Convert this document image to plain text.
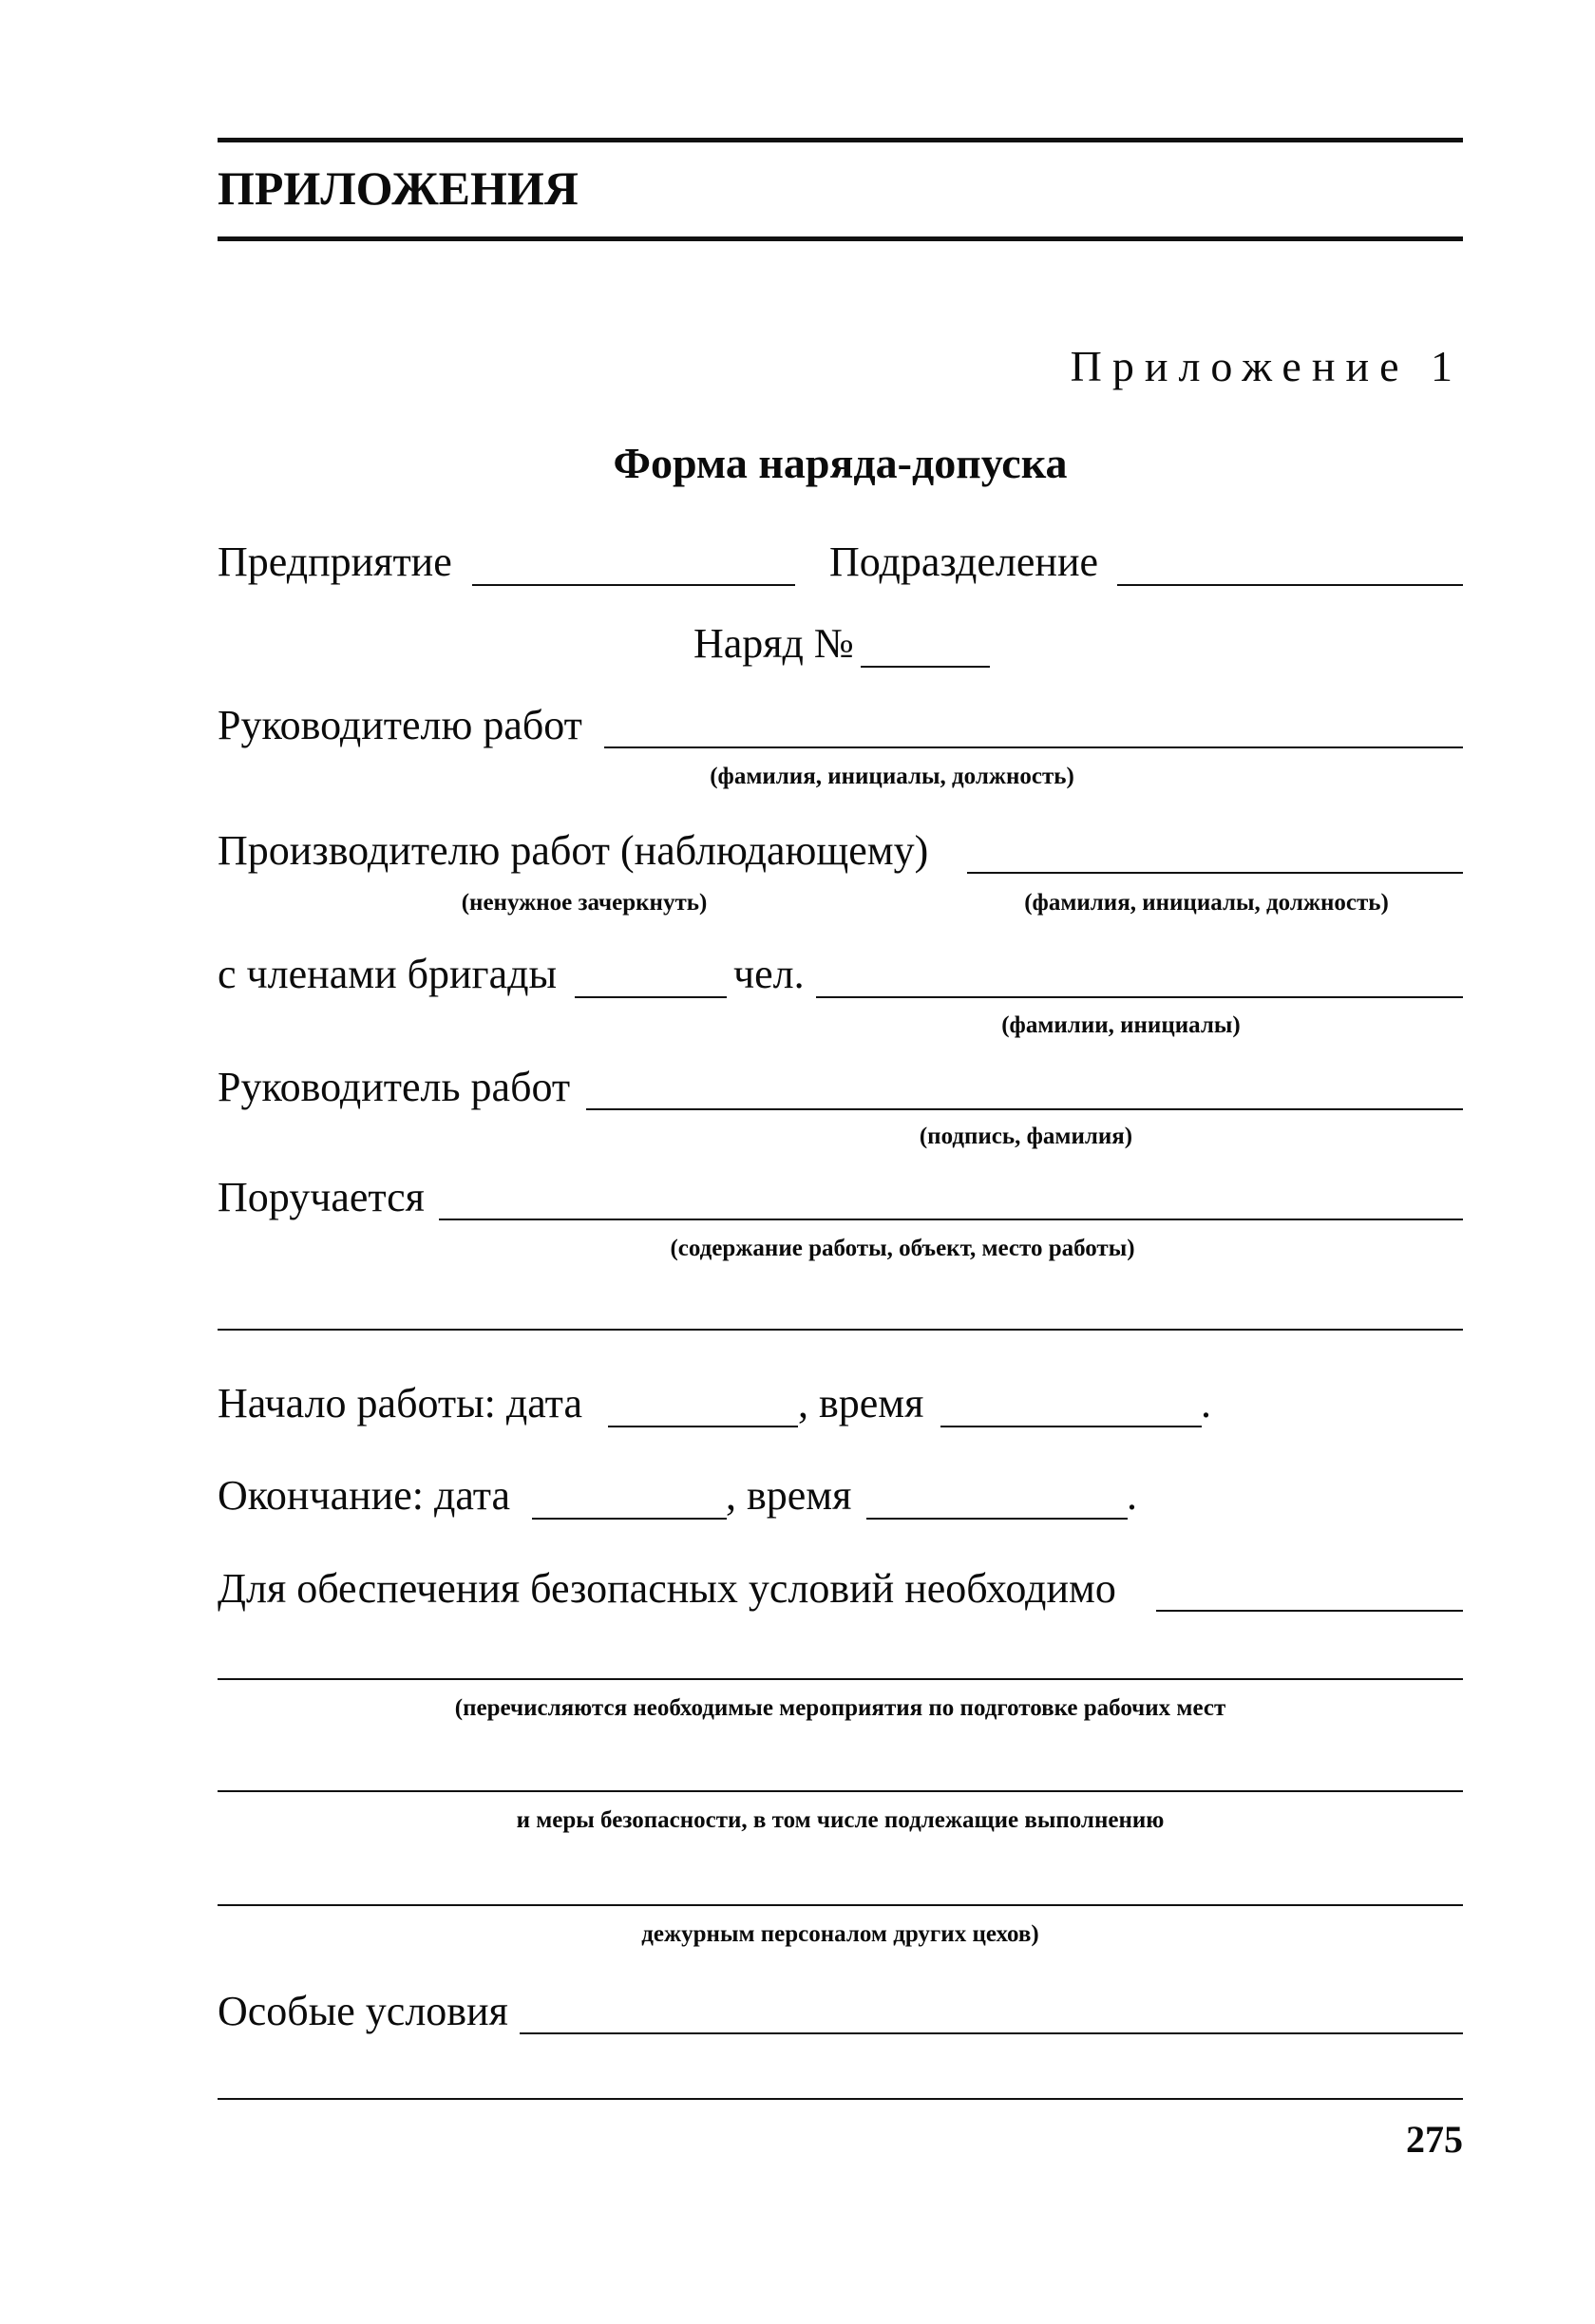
ПРИЛОЖЕНИЯ
Приложение 1
Форма наряда-допуска
Предприятие	Подразделение
Наряд №
Руководителю работ
(фамилия, инициалы, должность)
Производителю работ (наблюдающему)
(ненужное зачеркнуть)	(фамилия, инициалы, должность)
с членами бригады	чел.
(фамилии, инициалы)
Руководитель работ
(подпись, фамилия)
Поручается
(содержание работы, объект, место работы)
Начало работы: дата	, время	.
Окончание: дата	, время	.
Для обеспечения безопасных условий необходимо
(перечисляются необходимые мероприятия по подготовке рабочих мест
и меры безопасности, в том числе подлежащие выполнению
дежурным персоналом других цехов)
Особые условия
275
